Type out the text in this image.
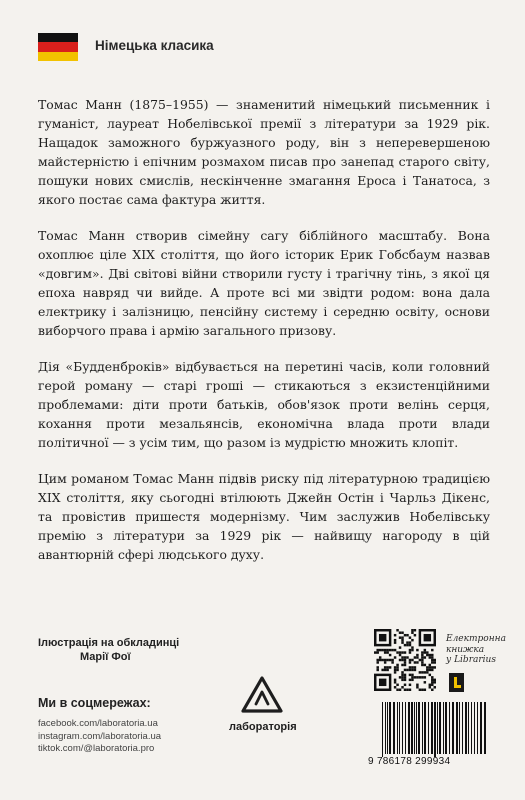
Німецька класика

Томас Манн (1875–1955) — знаменитий німецький письменник і гуманіст, лауреат Нобелівської премії з літератури за 1929 рік. Нащадок заможного буржуазного роду, він з неперевершеною майстерністю і епічним розмахом писав про занепад старого світу, пошуки нових смислів, нескінченне змагання Ероса і Танатоса, з якого постає сама фактура життя.

Томас Манн створив сімейну сагу біблійного масштабу. Вона охоплює ціле XIX століття, що його історик Ерик Гобсбаум назвав «довгим». Дві світові війни створили густу і трагічну тінь, з якої ця епоха навряд чи вийде. А проте всі ми звідти родом: вона дала електрику і залізницю, пенсійну систему і середню освіту, основи виборчого права і армію загального призову.

Дія «Будденброків» відбувається на перетині часів, коли головний герой роману — старі гроші — стикаються з екзистенційними проблемами: діти проти батьків, обов'язок проти велінь серця, кохання проти мезальянсів, економічна влада проти влади політичної — з усім тим, що разом із мудрістю множить клопіт.

Цим романом Томас Манн підвів риску під літературною традицією XIX століття, яку сьогодні втілюють Джейн Остін і Чарльз Дікенс, та провістив пришестя модернізму. Чим заслужив Нобелівську премію з літератури за 1929 рік — найвищу нагороду в цій авантюрній сфері людського духу.

Ілюстрація на обкладинці
Марії Фої
Ми в соцмережах:
facebook.com/laboratoria.ua
instagram.com/laboratoria.ua
tiktok.com/@laboratoria.pro
лабораторія
Електронна
книжка
у Librarius
9 786178 299934
